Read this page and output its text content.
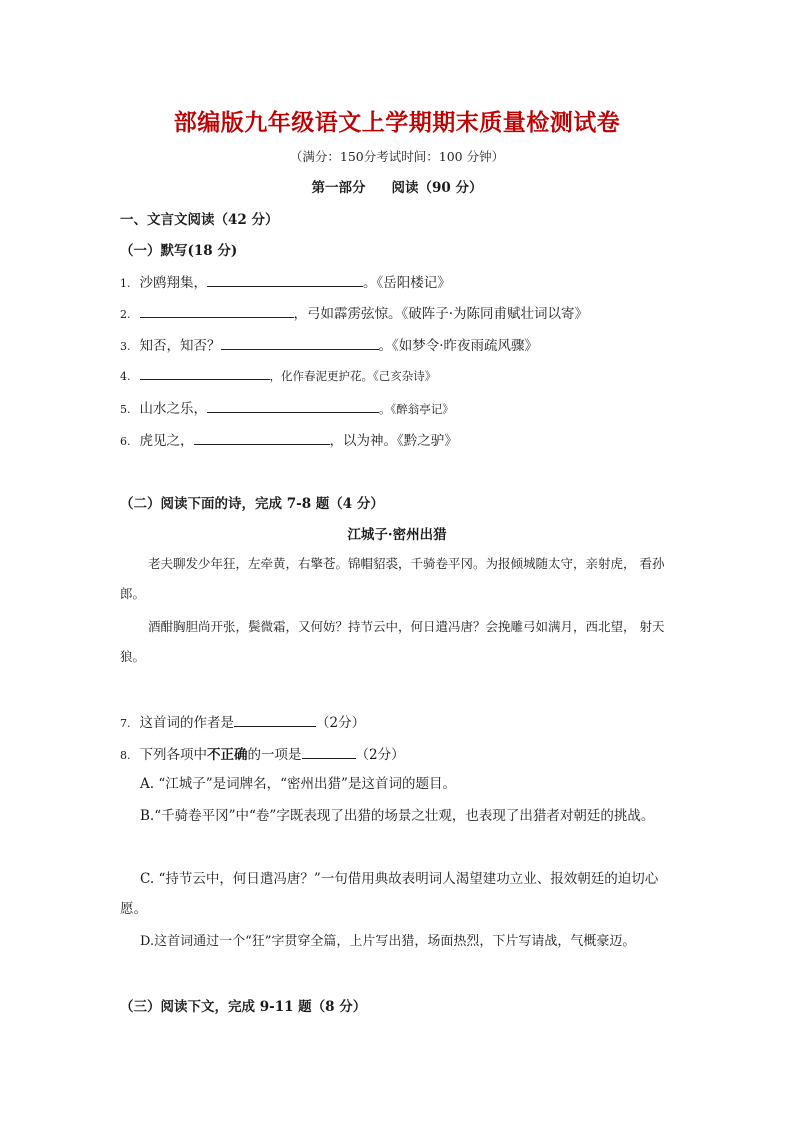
部编版九年级语文上学期期末质量检测试卷
（满分：150分考试时间：100 分钟）
第一部分 阅读（90 分）
一、文言文阅读（42 分）
（一）默写(18 分)
1. 沙鸥翔集，	。《岳阳楼记》
2.	，弓如霹雳弦惊。《破阵子·为陈同甫赋壮词以寄》
3. 知否，知否？	。《如梦令·昨夜雨疏风骤》
4.	，化作春泥更护花。《己亥杂诗》
5. 山水之乐，	。《醉翁亭记》
6. 虎见之，	，以为神。《黔之驴》
（二）阅读下面的诗，完成 7-8 题（4 分）
江城子·密州出猎
老夫聊发少年狂，左牵黄，右擎苍。锦帽貂裘，千骑卷平冈。为报倾城随太守，亲射虎， 看孙郎。
酒酣胸胆尚开张，鬓微霜，又何妨？持节云中，何日遣冯唐？会挽雕弓如满月，西北望， 射天狼。
7. 这首词的作者是	（2分）
8. 下列各项中不正确的一项是	（2分）
A. “江城子”是词牌名，“密州出猎”是这首词的题目。
B.“千骑卷平冈”中“卷”字既表现了出猎的场景之壮观，也表现了出猎者对朝廷的挑战。
C. “持节云中，何日遣冯唐？”一句借用典故表明词人渴望建功立业、报效朝廷的迫切心愿。
D.这首词通过一个“狂”字贯穿全篇，上片写出猎，场面热烈，下片写请战，气概豪迈。
（三）阅读下文，完成 9-11 题（8 分）
